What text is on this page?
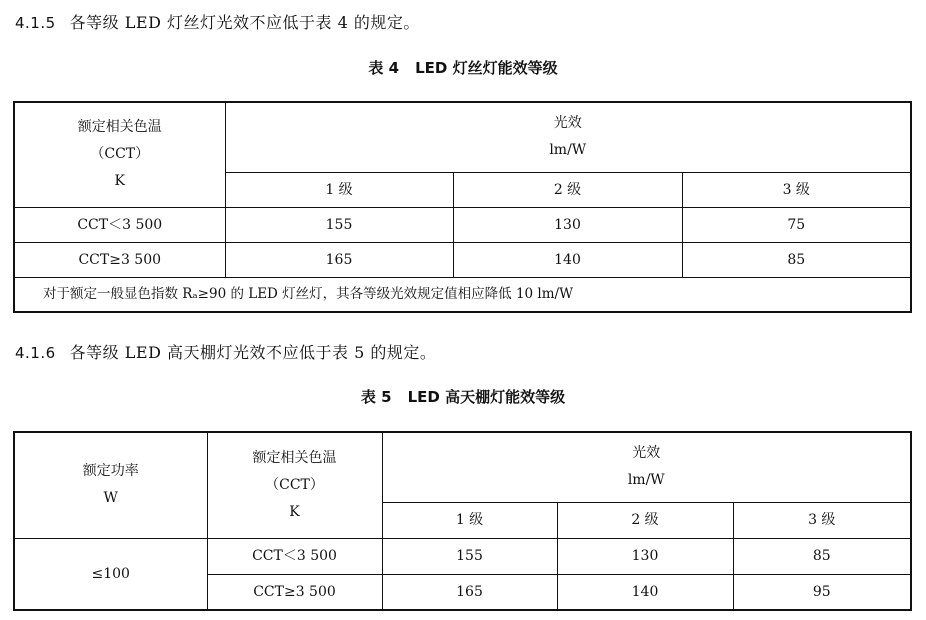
4.1.5 各等级 LED 灯丝灯光效不应低于表 4 的规定。
表 4 LED 灯丝灯能效等级
额定相关色温
（CCT）
K	光效
lm/W		

	1 级	2 级	3 级
CCT＜3 500	155	130	75
CCT≥3 500	165	140	85
对于额定一般显色指数 Rₐ≥90 的 LED 灯丝灯，其各等级光效规定值相应降低 10 lm/W			
4.1.6 各等级 LED 高天棚灯光效不应低于表 5 的规定。
表 5 LED 高天棚灯能效等级
额定功率
W	额定相关色温
（CCT）
K	光效
lm/W		

		1 级	2 级	3 级
≤100	CCT＜3 500	155	130	85
	CCT≥3 500	165	140	95
